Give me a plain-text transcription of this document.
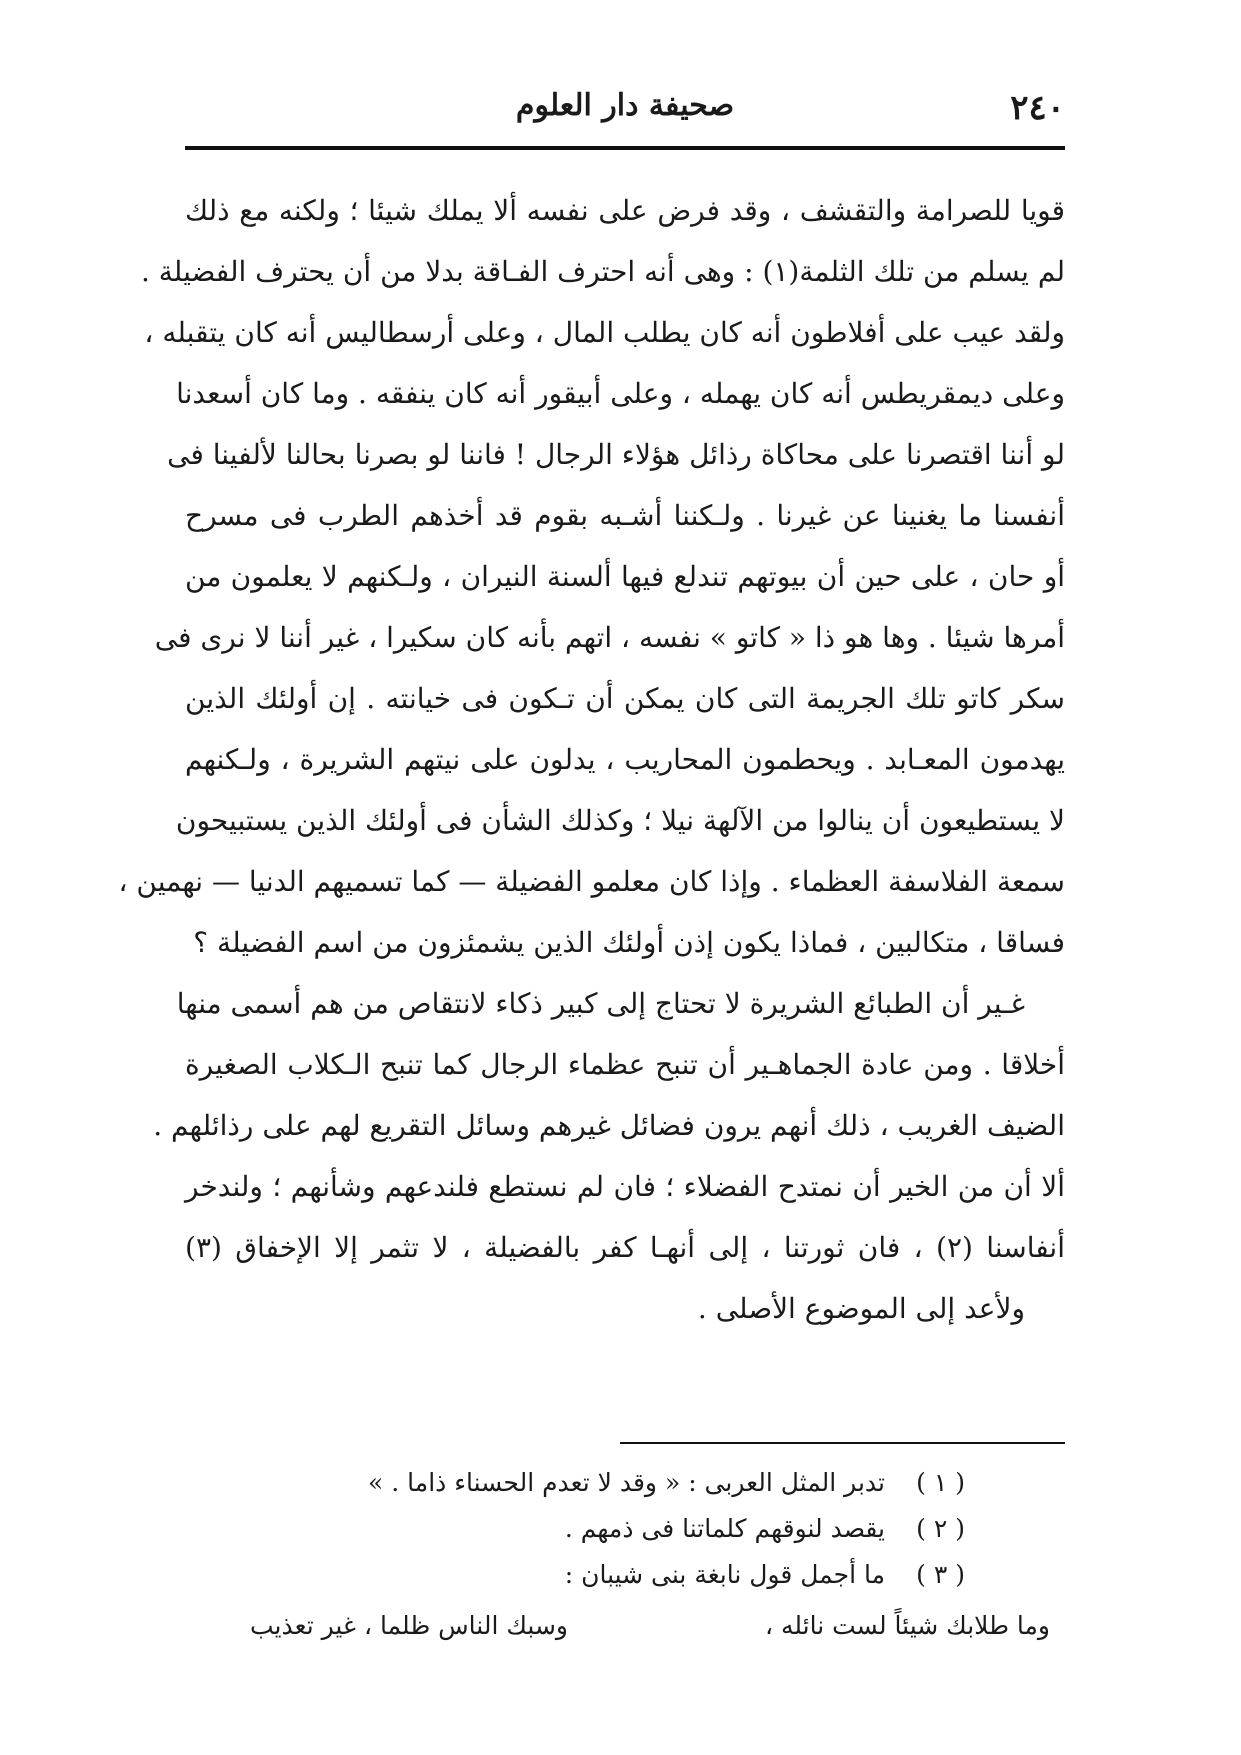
٢٤٠
صحيفة دار العلوم
قويا للصرامة والتقشف ، وقد فرض على نفسه ألا يملك شيئا ؛ ولكنه مع ذلك
لم يسلم من تلك الثلمة(١) : وهى أنه احترف الفـاقة بدلا من أن يحترف الفضيلة .
ولقد عيب على أفلاطون أنه كان يطلب المال ، وعلى أرسطاليس أنه كان يتقبله ،
وعلى ديمقريطس أنه كان يهمله ، وعلى أبيقور أنه كان ينفقه . وما كان أسعدنا
لو أننا اقتصرنا على محاكاة رذائل هؤلاء الرجال ! فاننا لو بصرنا بحالنا لألفينا فى
أنفسنا ما يغنينا عن غيرنا . ولـكننا أشـبه بقوم قد أخذهم الطرب فى مسرح
أو حان ، على حين أن بيوتهم تندلع فيها ألسنة النيران ، ولـكنهم لا يعلمون من
أمرها شيئا . وها هو ذا « كاتو » نفسه ، اتهم بأنه كان سكيرا ، غير أننا لا نرى فى
سكر كاتو تلك الجريمة التى كان يمكن أن تـكون فى خيانته . إن أولئك الذين
يهدمون المعـابد . ويحطمون المحاريب ، يدلون على نيتهم الشريرة ، ولـكنهم
لا يستطيعون أن ينالوا من الآلهة نيلا ؛ وكذلك الشأن فى أولئك الذين يستبيحون
سمعة الفلاسفة العظماء . وإذا كان معلمو الفضيلة — كما تسميهم الدنيا — نهمين ،
فساقا ، متكالبين ، فماذا يكون إذن أولئك الذين يشمئزون من اسم الفضيلة ؟
غـير أن الطبائع الشريرة لا تحتاج إلى كبير ذكاء لانتقاص من هم أسمى منها
أخلاقا . ومن عادة الجماهـير أن تنبح عظماء الرجال كما تنبح الـكلاب الصغيرة
الضيف الغريب ، ذلك أنهم يرون فضائل غيرهم وسائل التقريع لهم على رذائلهم .
ألا أن من الخير أن نمتدح الفضلاء ؛ فان لم نستطع فلندعهم وشأنهم ؛ ولندخر
أنفاسنا (٢) ، فان ثورتنا ، إلى أنهـا كفر بالفضيلة ، لا تثمر إلا الإخفاق (٣)
ولأعد إلى الموضوع الأصلى .
( ١ )تدبر المثل العربى : « وقد لا تعدم الحسناء ذاما . »
( ٢ )يقصد لنوقهم كلماتنا فى ذمهم .
( ٣ )ما أجمل قول نابغة بنى شيبان :
وما طلابك شيئاً لست نائله ،
وسبك الناس ظلما ، غير تعذيب
